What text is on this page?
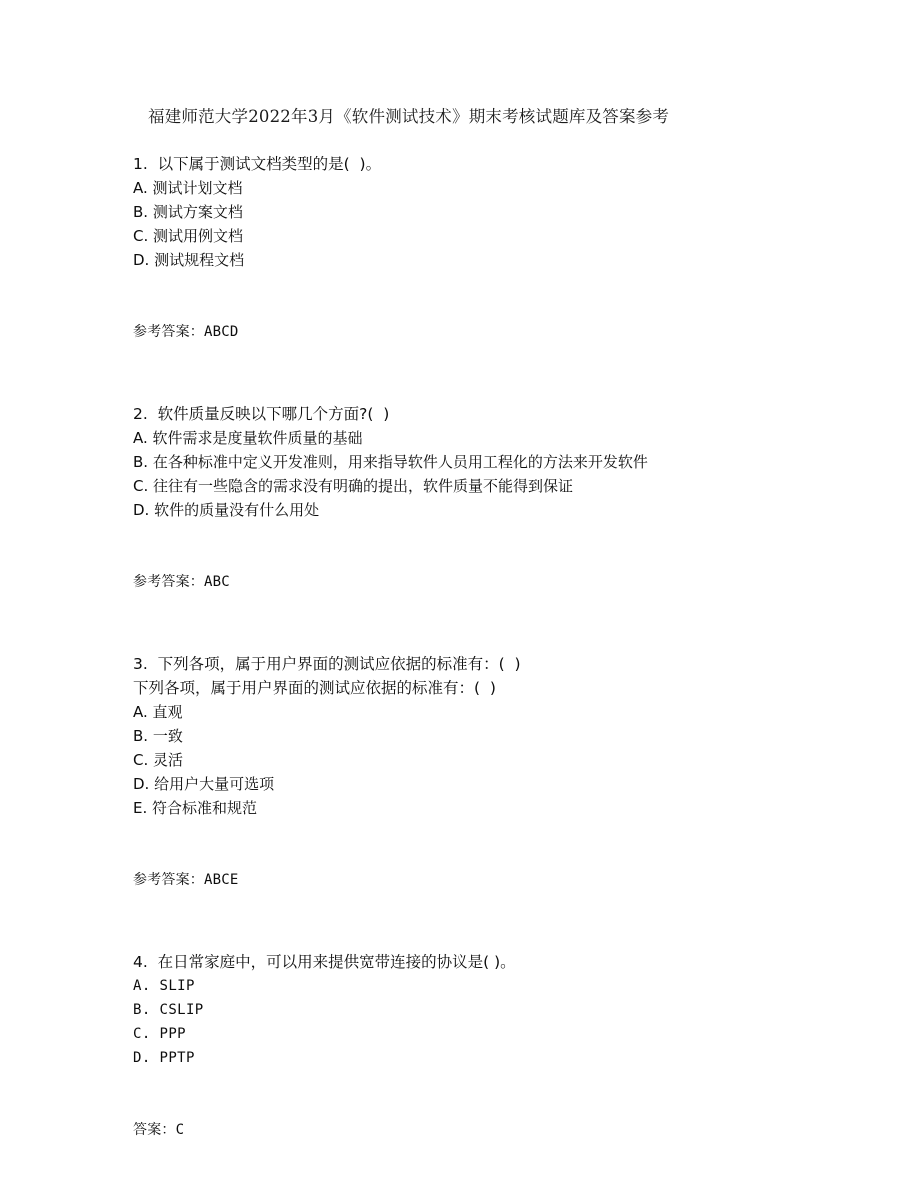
福建师范大学2022年3月《软件测试技术》期末考核试题库及答案参考
1.  以下属于测试文档类型的是(  )。
A. 测试计划文档
B. 测试方案文档
C. 测试用例文档
D. 测试规程文档
参考答案：ABCD
2.  软件质量反映以下哪几个方面?(  )
A. 软件需求是度量软件质量的基础
B. 在各种标准中定义开发准则，用来指导软件人员用工程化的方法来开发软件
C. 往往有一些隐含的需求没有明确的提出，软件质量不能得到保证
D. 软件的质量没有什么用处
参考答案：ABC
3.  下列各项，属于用户界面的测试应依据的标准有：(  )
下列各项，属于用户界面的测试应依据的标准有：(  )
A. 直观
B. 一致
C. 灵活
D. 给用户大量可选项
E. 符合标准和规范
参考答案：ABCE
4.  在日常家庭中，可以用来提供宽带连接的协议是( )。
A. SLIP
B. CSLIP
C. PPP
D. PPTP
答案：C
